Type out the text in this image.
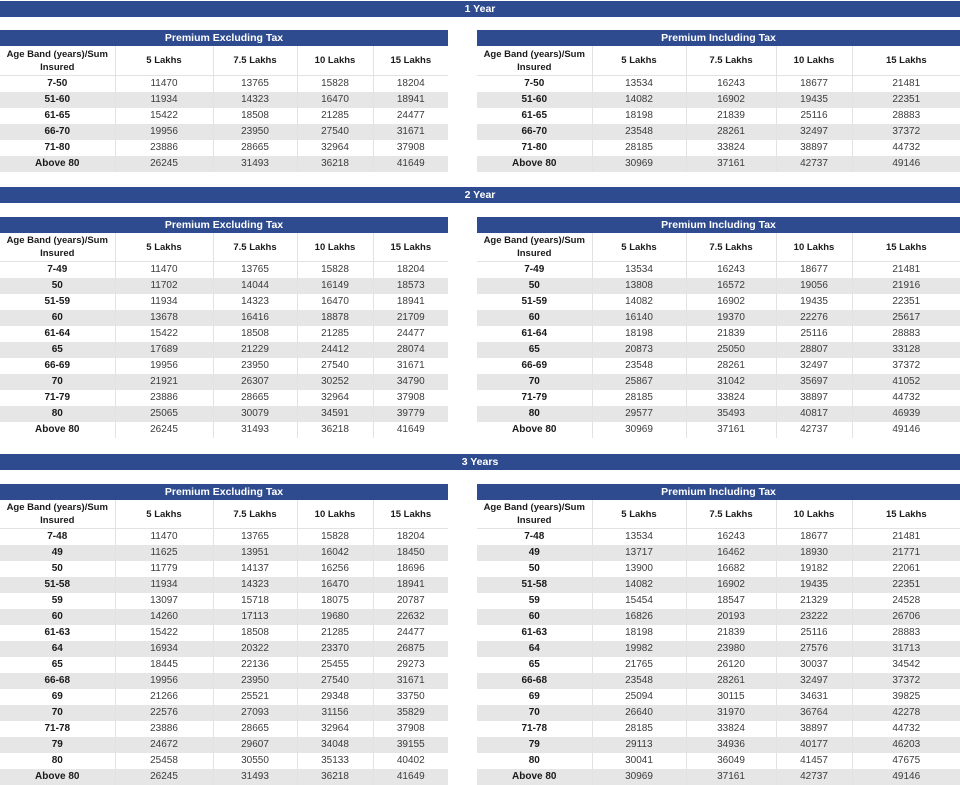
1 Year
Premium Excluding Tax				
Age Band (years)/Sum Insured	5 Lakhs	7.5 Lakhs	10 Lakhs	15 Lakhs
7-50	11470	13765	15828	18204
51-60	11934	14323	16470	18941
61-65	15422	18508	21285	24477
66-70	19956	23950	27540	31671
71-80	23886	28665	32964	37908
Above 80	26245	31493	36218	41649
Premium Including Tax				
Age Band (years)/Sum Insured	5 Lakhs	7.5 Lakhs	10 Lakhs	15 Lakhs
7-50	13534	16243	18677	21481
51-60	14082	16902	19435	22351
61-65	18198	21839	25116	28883
66-70	23548	28261	32497	37372
71-80	28185	33824	38897	44732
Above 80	30969	37161	42737	49146
2 Year
Premium Excluding Tax				
Age Band (years)/Sum Insured	5 Lakhs	7.5 Lakhs	10 Lakhs	15 Lakhs
7-49	11470	13765	15828	18204
50	11702	14044	16149	18573
51-59	11934	14323	16470	18941
60	13678	16416	18878	21709
61-64	15422	18508	21285	24477
65	17689	21229	24412	28074
66-69	19956	23950	27540	31671
70	21921	26307	30252	34790
71-79	23886	28665	32964	37908
80	25065	30079	34591	39779
Above 80	26245	31493	36218	41649
Premium Including Tax				
Age Band (years)/Sum Insured	5 Lakhs	7.5 Lakhs	10 Lakhs	15 Lakhs
7-49	13534	16243	18677	21481
50	13808	16572	19056	21916
51-59	14082	16902	19435	22351
60	16140	19370	22276	25617
61-64	18198	21839	25116	28883
65	20873	25050	28807	33128
66-69	23548	28261	32497	37372
70	25867	31042	35697	41052
71-79	28185	33824	38897	44732
80	29577	35493	40817	46939
Above 80	30969	37161	42737	49146
3 Years
Premium Excluding Tax				
Age Band (years)/Sum Insured	5 Lakhs	7.5 Lakhs	10 Lakhs	15 Lakhs
7-48	11470	13765	15828	18204
49	11625	13951	16042	18450
50	11779	14137	16256	18696
51-58	11934	14323	16470	18941
59	13097	15718	18075	20787
60	14260	17113	19680	22632
61-63	15422	18508	21285	24477
64	16934	20322	23370	26875
65	18445	22136	25455	29273
66-68	19956	23950	27540	31671
69	21266	25521	29348	33750
70	22576	27093	31156	35829
71-78	23886	28665	32964	37908
79	24672	29607	34048	39155
80	25458	30550	35133	40402
Above 80	26245	31493	36218	41649
Premium Including Tax				
Age Band (years)/Sum Insured	5 Lakhs	7.5 Lakhs	10 Lakhs	15 Lakhs
7-48	13534	16243	18677	21481
49	13717	16462	18930	21771
50	13900	16682	19182	22061
51-58	14082	16902	19435	22351
59	15454	18547	21329	24528
60	16826	20193	23222	26706
61-63	18198	21839	25116	28883
64	19982	23980	27576	31713
65	21765	26120	30037	34542
66-68	23548	28261	32497	37372
69	25094	30115	34631	39825
70	26640	31970	36764	42278
71-78	28185	33824	38897	44732
79	29113	34936	40177	46203
80	30041	36049	41457	47675
Above 80	30969	37161	42737	49146
